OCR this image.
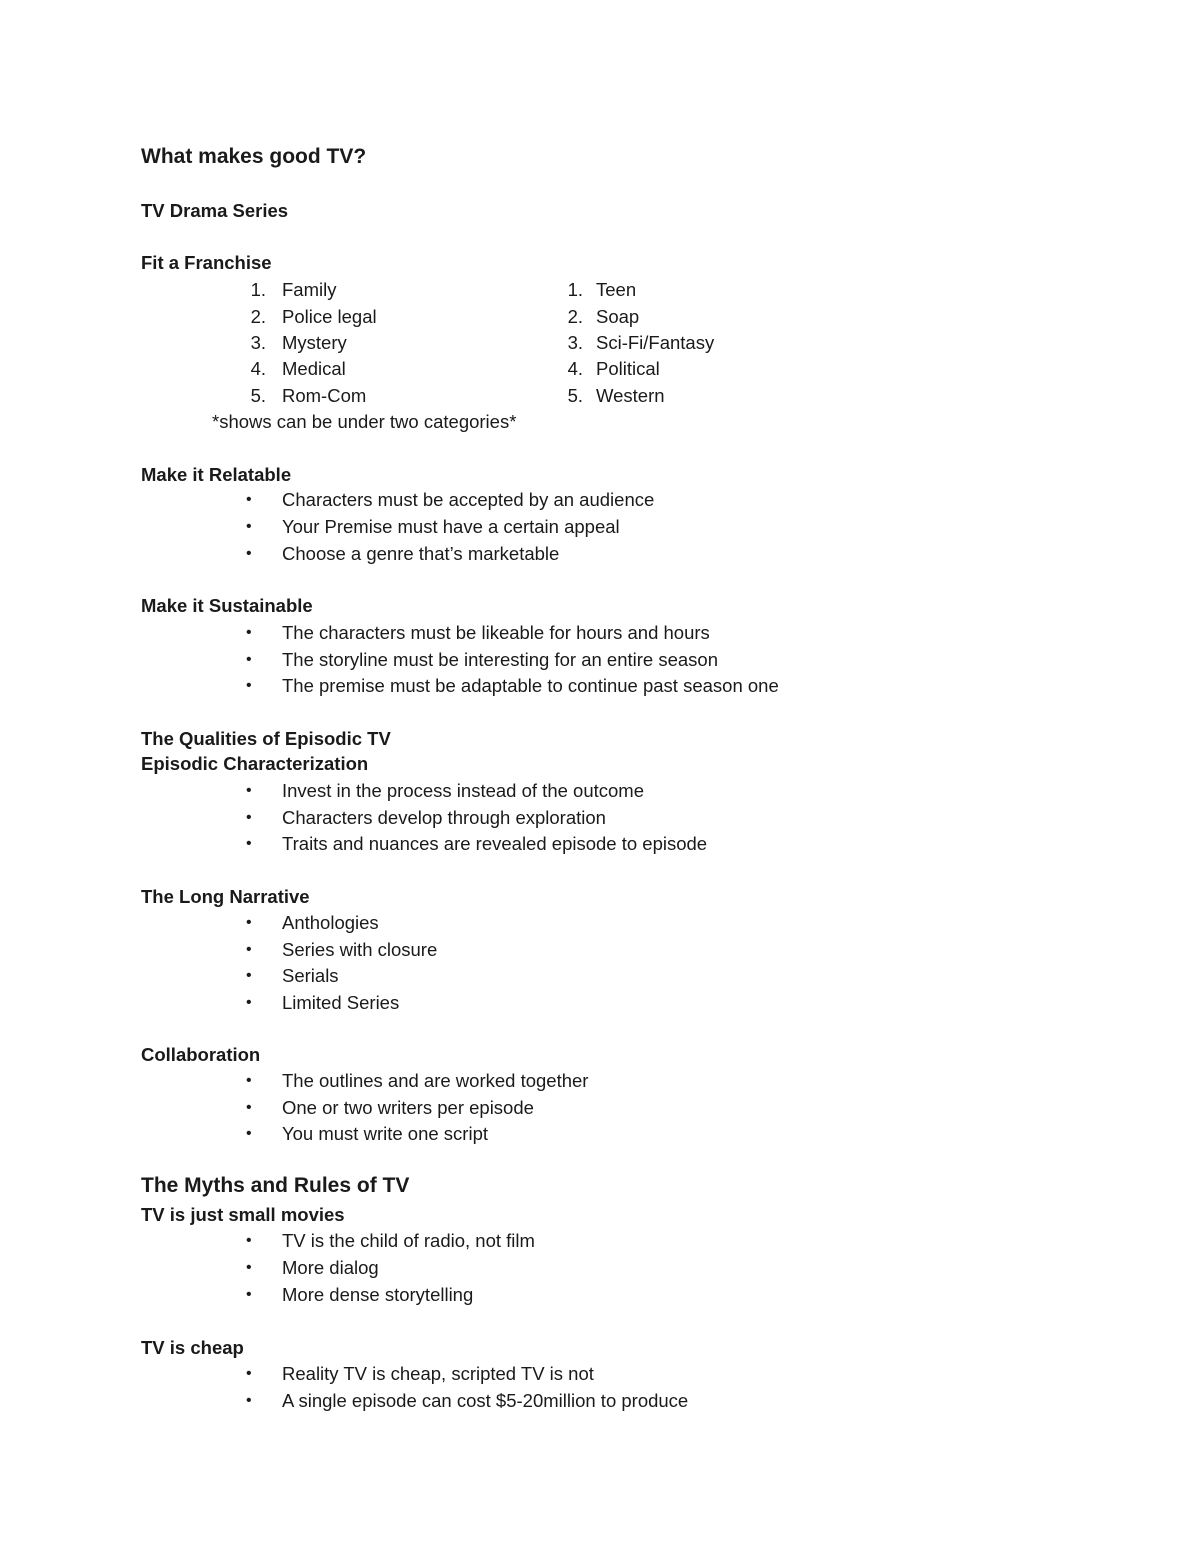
What makes good TV?
TV Drama Series
Fit a Franchise
1. Family	1. Teen
2. Police legal	2. Soap
3. Mystery	3. Sci-Fi/Fantasy
4. Medical	4. Political
5. Rom-Com	5. Western
*shows can be under two categories*
Make it Relatable
• Characters must be accepted by an audience
• Your Premise must have a certain appeal
• Choose a genre that’s marketable
Make it Sustainable
• The characters must be likeable for hours and hours
• The storyline must be interesting for an entire season
• The premise must be adaptable to continue past season one
The Qualities of Episodic TV
Episodic Characterization
• Invest in the process instead of the outcome
• Characters develop through exploration
• Traits and nuances are revealed episode to episode
The Long Narrative
• Anthologies
• Series with closure
• Serials
• Limited Series
Collaboration
• The outlines and are worked together
• One or two writers per episode
• You must write one script
The Myths and Rules of TV
TV is just small movies
• TV is the child of radio, not film
• More dialog
• More dense storytelling
TV is cheap
• Reality TV is cheap, scripted TV is not
• A single episode can cost $5-20million to produce
